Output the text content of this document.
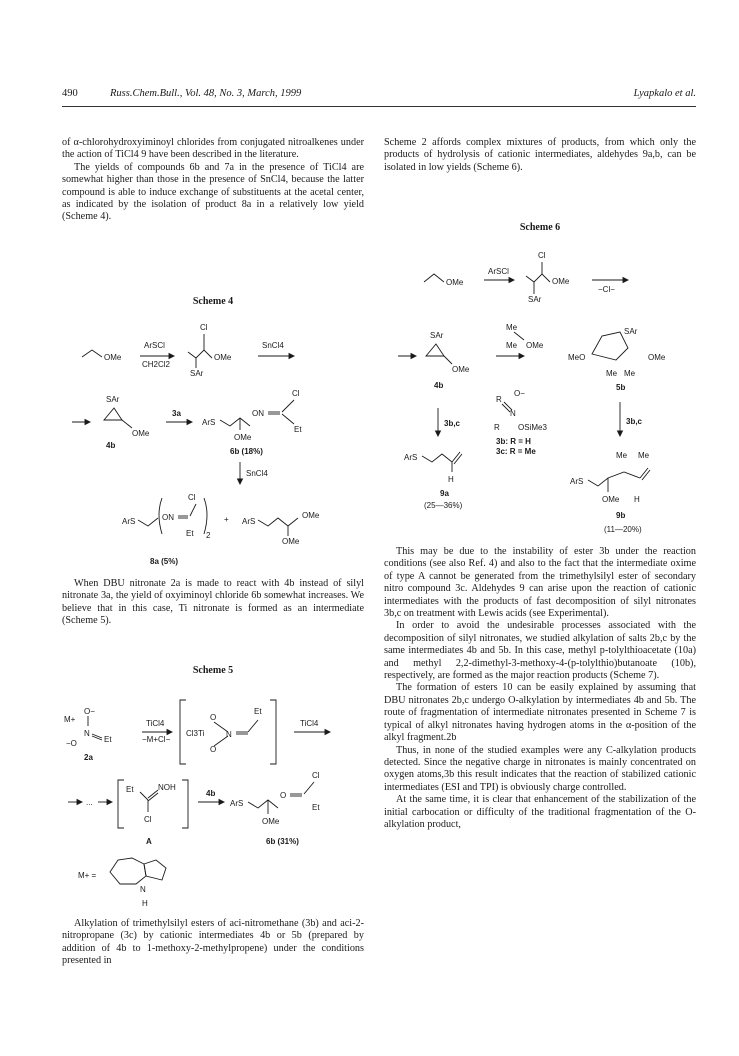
490	Russ.Chem.Bull., Vol. 48, No. 3, March, 1999	Lyapkalo et al.

of α-chlorohydroxyiminoyl chlorides from conjugated nitroalkenes under the action of TiCl4 9 have been described in the literature.

The yields of compounds 6b and 7a in the presence of TiCl4 are somewhat higher than those in the presence of SnCl4, because the latter compound is able to induce exchange of substituents at the acetal center, as indicated by the isolation of product 8a in a relatively low yield (Scheme 4).

Scheme 4
OMe
ArSCl
CH2Cl2
Cl
SAr
OMe
SnCl4
SAr
OMe
4b
3a
ArS
OMe
ON
Cl
Et
6b (18%)
SnCl4
ArS	ON
Cl
Et 2
+ ArS
OMe
OMe
8a (5%)

When DBU nitronate 2a is made to react with 4b instead of silyl nitronate 3a, the yield of oxyiminoyl chloride 6b somewhat increases. We believe that in this case, Ti nitronate is formed as an intermediate (Scheme 5).

Scheme 5
M+
O−
N
−O	Et
2a
TiCl4
−M+Cl−
Cl3Ti
O
O
N
Et
TiCl4
...
Et	NOH
Cl
A
4b
ArS
OMe
O
Cl
Et
6b (31%)
M+ =
N
H

Alkylation of trimethylsilyl esters of aci-nitromethane (3b) and aci-2-nitropropane (3c) by cationic intermediates 4b or 5b (prepared by addition of 4b to 1-methoxy-2-methylpropene) under the conditions presented in

Scheme 2 affords complex mixtures of products, from which only the products of hydrolysis of cationic intermediates, aldehydes 9a,b, can be isolated in low yields (Scheme 6).

Scheme 6
OMe
ArSCl
Cl
SAr
OMe
−Cl−
SAr
OMe
4b
Me
Me OMe
MeO
SAr
OMe
Me Me
5b
3b,c	3b,c
R
O−
N
R OSiMe3
3b: R = H
3c: R = Me
ArS
H
9a
(25—36%)
Me Me
ArS
OMe H
9b
(11—20%)

This may be due to the instability of ester 3b under the reaction conditions (see also Ref. 4) and also to the fact that the intermediate oxime of type A cannot be generated from the trimethylsilyl ester of secondary nitro compound 3c. Aldehydes 9 can arise upon the reaction of cationic intermediates with the products of fast decomposition of silyl nitronates 3b,c on treatment with Lewis acids (see Experimental).

In order to avoid the undesirable processes associated with the decomposition of silyl nitronates, we studied alkylation of salts 2b,c by the same intermediates 4b and 5b. In this case, methyl p-tolylthioacetate (10a) and methyl 2,2-dimethyl-3-methoxy-4-(p-tolylthio)butanoate (10b), respectively, are formed as the major reaction products (Scheme 7).

The formation of esters 10 can be easily explained by assuming that DBU nitronates 2b,c undergo O-alkylation by intermediates 4b and 5b. The route of fragmentation of intermediate nitronates presented in Scheme 7 is typical of alkyl nitronates having hydrogen atoms in the α-position of the alkyl fragment.2b

Thus, in none of the studied examples were any C-alkylation products detected. Since the negative charge in nitronates is mainly concentrated on oxygen atoms,3b this result indicates that the reaction of stabilized cationic intermediates (ESI and TPI) is obviously charge controlled.

At the same time, it is clear that enhancement of the stabilization of the initial carbocation or difficulty of the traditional fragmentation of the O-alkylation product,
